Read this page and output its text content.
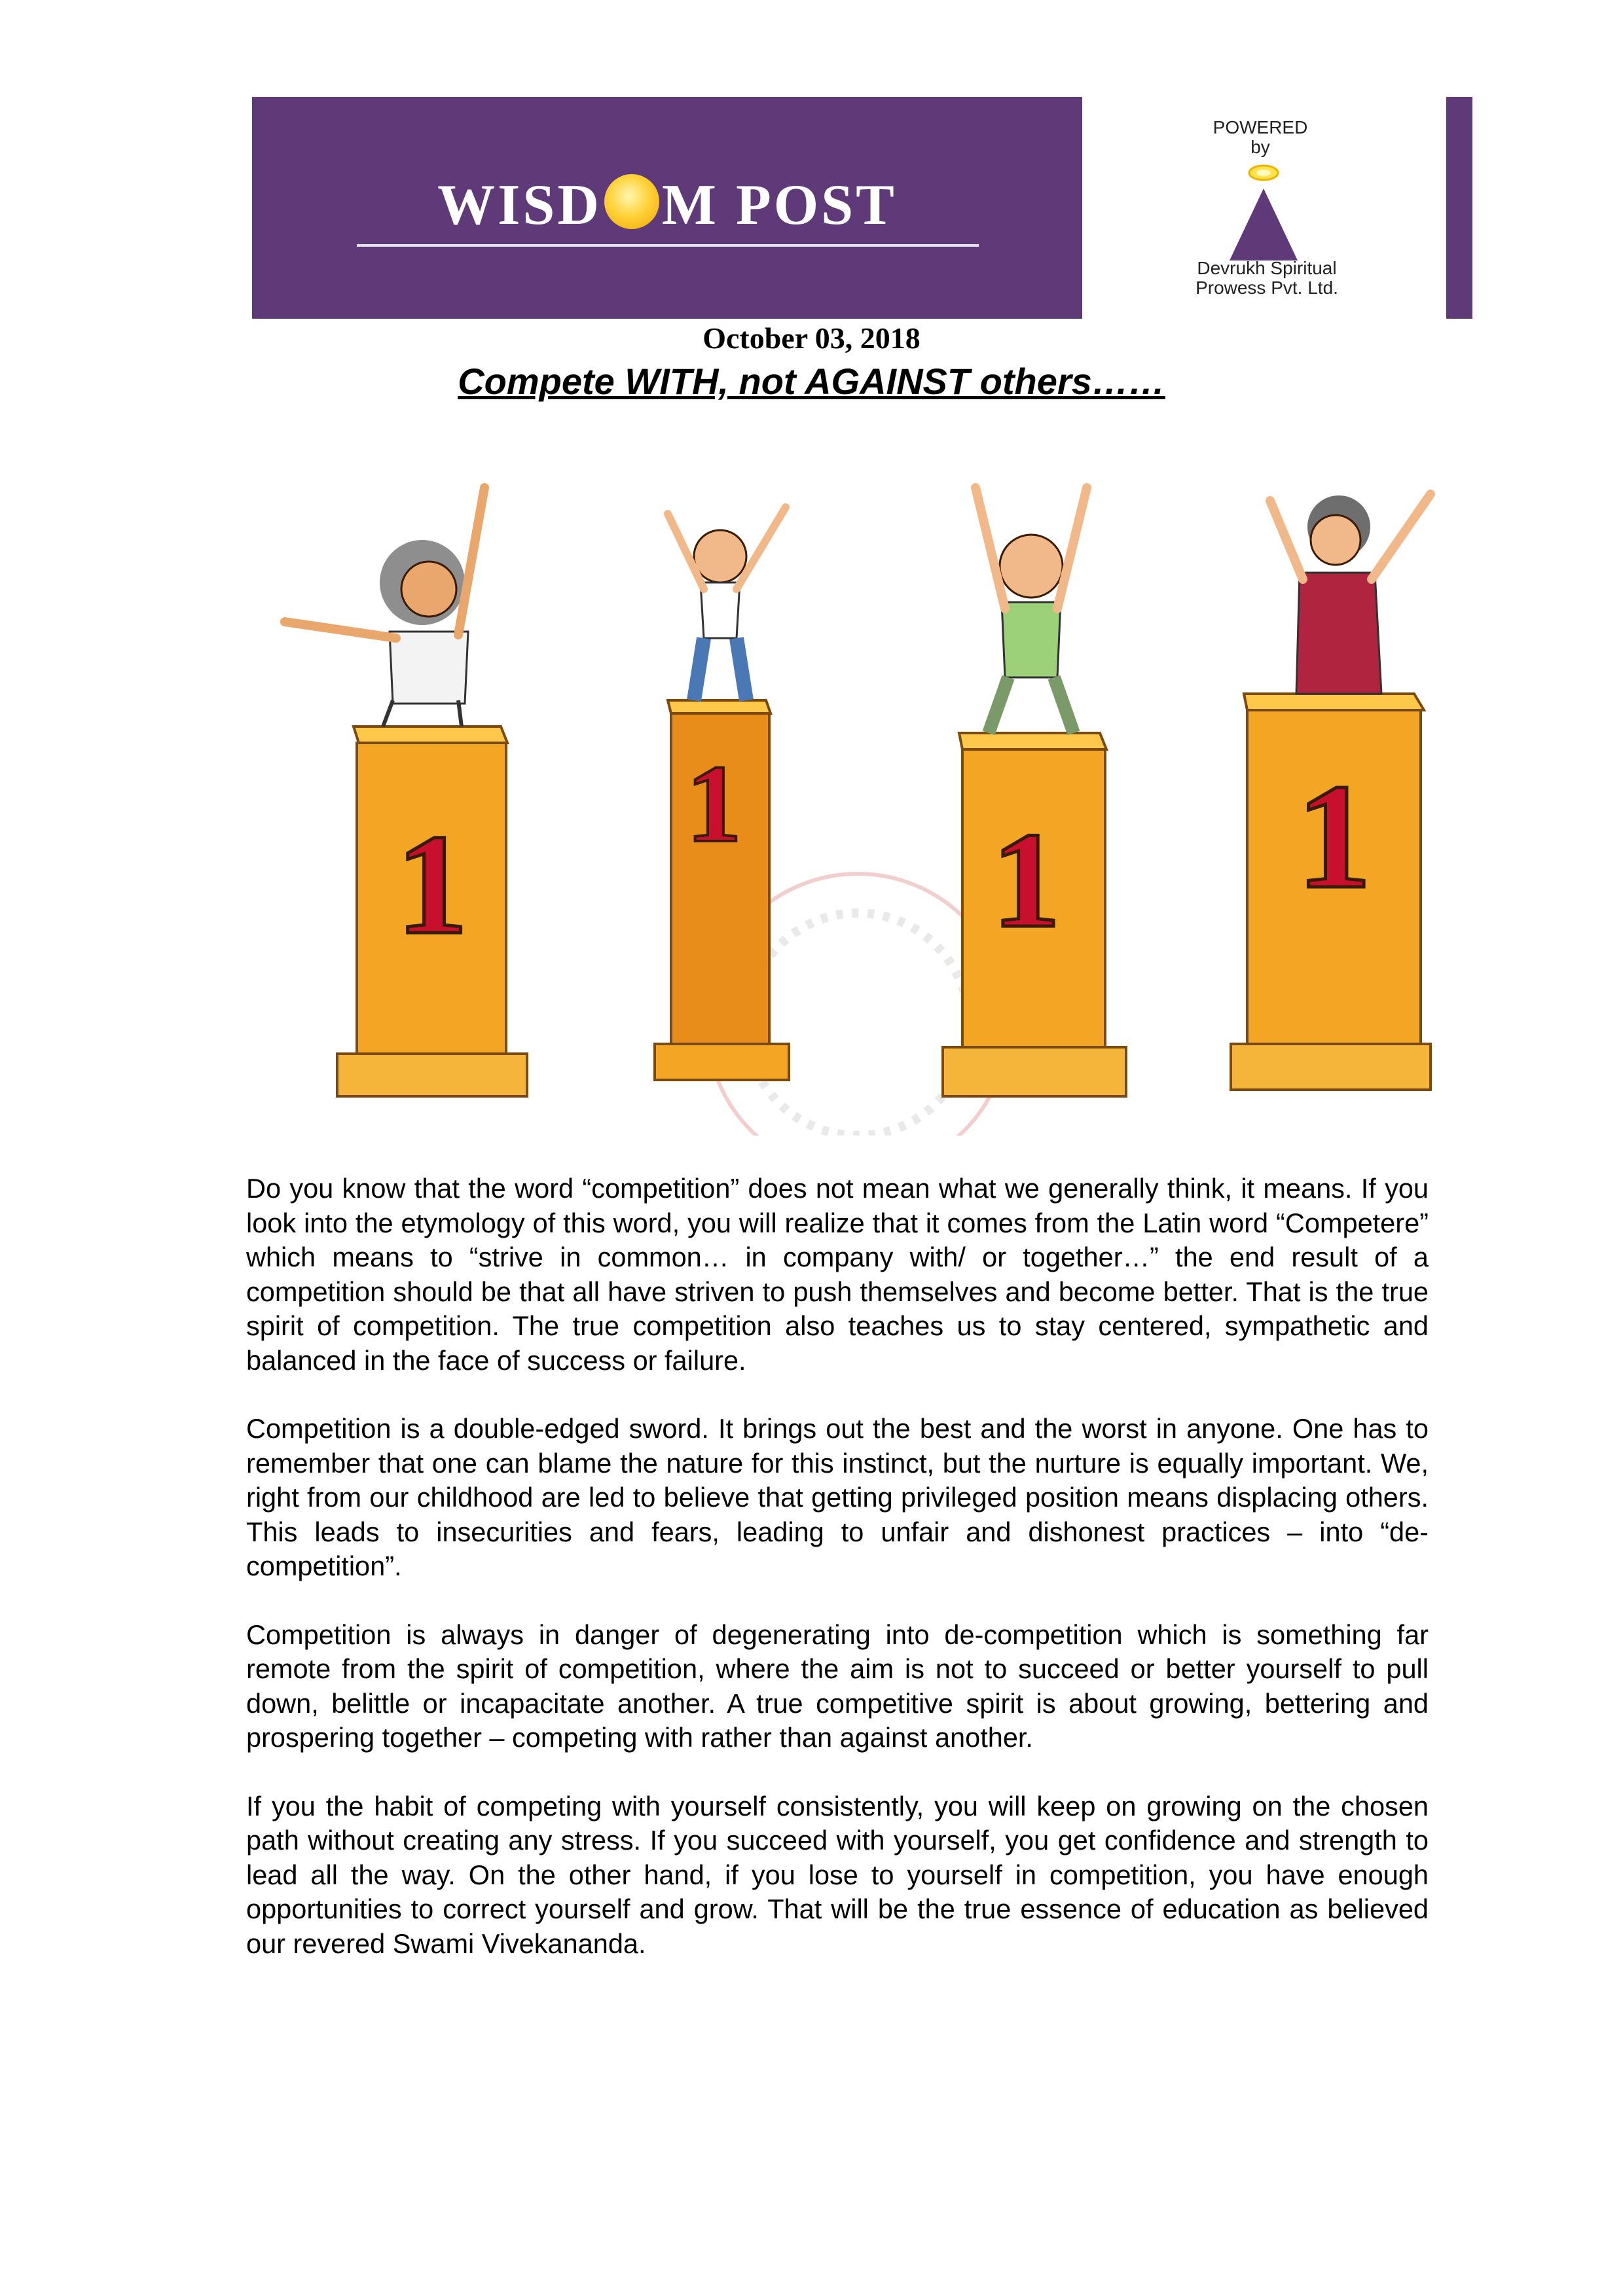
WISD M POST
POWERED
by
Devrukh Spiritual
Prowess Pvt. Ltd.
October 03, 2018
Compete WITH, not AGAINST others……
1
1
1 1

Do you know that the word “competition” does not mean what we generally think, it means. If you look into the etymology of this word, you will realize that it comes from the Latin word “Competere” which means to “strive in common… in company with/ or together…” the end result of a competition should be that all have striven to push themselves and become better. That is the true spirit of competition. The true competition also teaches us to stay centered, sympathetic and balanced in the face of success or failure.

Competition is a double-edged sword. It brings out the best and the worst in anyone. One has to remember that one can blame the nature for this instinct, but the nurture is equally important. We, right from our childhood are led to believe that getting privileged position means displacing others. This leads to insecurities and fears, leading to unfair and dishonest practices – into “de-competition”.

Competition is always in danger of degenerating into de-competition which is something far remote from the spirit of competition, where the aim is not to succeed or better yourself to pull down, belittle or incapacitate another. A true competitive spirit is about growing, bettering and prospering together – competing with rather than against another.

If you the habit of competing with yourself consistently, you will keep on growing on the chosen path without creating any stress. If you succeed with yourself, you get confidence and strength to lead all the way. On the other hand, if you lose to yourself in competition, you have enough opportunities to correct yourself and grow. That will be the true essence of education as believed our revered Swami Vivekananda.
